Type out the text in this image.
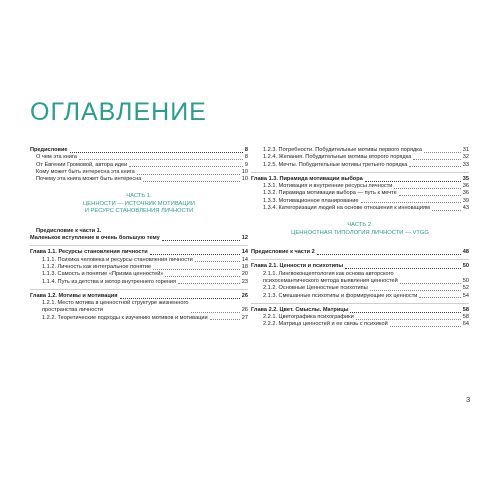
ОГЛАВЛЕНИЕ
Предисловие	8
О чем эта книга	8
От Евгении Громовой, автора идеи	9
Кому может быть интересна эта книга	10
Почему эта книга может быть интересна	10
ЧАСТЬ 1.
ЦЕННОСТИ — ИСТОЧНИК МОТИВАЦИИ
И РЕСУРС СТАНОВЛЕНИЯ ЛИЧНОСТИ
Предисловие к части 1.
Маленькое вступление в очень большую тему	12
Глава 1.1. Ресурсы становления личности	14
1.1.1. Психика человека и ресурсы становления личности	14
1.1.2. Личность как интегральное понятие	18
1.1.3. Самость и понятие «Призма ценностей»	20
1.1.4. Путь из детства и мотор внутреннего горения	23
Глава 1.2. Мотивы и мотивация	26
1.2.1. Место мотива в ценностной структуре жизненного
пространства личности	26
1.2.2. Теоретические подходы к изучению мотивов и мотивации	27
1.2.3. Потребности. Побудительные мотивы первого порядка	31
1.2.4. Желания. Побудительные мотивы второго порядка	32
1.2.5. Мечты. Побудительные мотивы третьего порядка	33
Глава 1.3. Пирамида мотивации выбора	35
1.3.1. Мотивация и внутренние ресурсы личности	36
1.3.2. Пирамида мотивации выбора — путь к мечте	36
1.3.3. Мотивационное планирование	39
1.3.4. Категоризация людей на основе отношения к инновациям	43
ЧАСТЬ 2.
ЦЕННОСТНАЯ ТИПОЛОГИЯ ЛИЧНОСТИ — VTGG
Предисловие к части 2	48
Глава 2.1. Ценности и психотипы	50
2.1.1. Лингвоконцептология как основа авторского
психосемантического метода выявления ценностей	50
2.1.2. Основные Ценностные психотипы	52
2.1.3. Смешанные психотипы и формирующие их ценности	54
Глава 2.2. Цвет. Смыслы. Матрицы	58
2.2.1. Цветографика психографики	58
2.2.2. Матрица ценностей и ее связь с психикой	64
3
